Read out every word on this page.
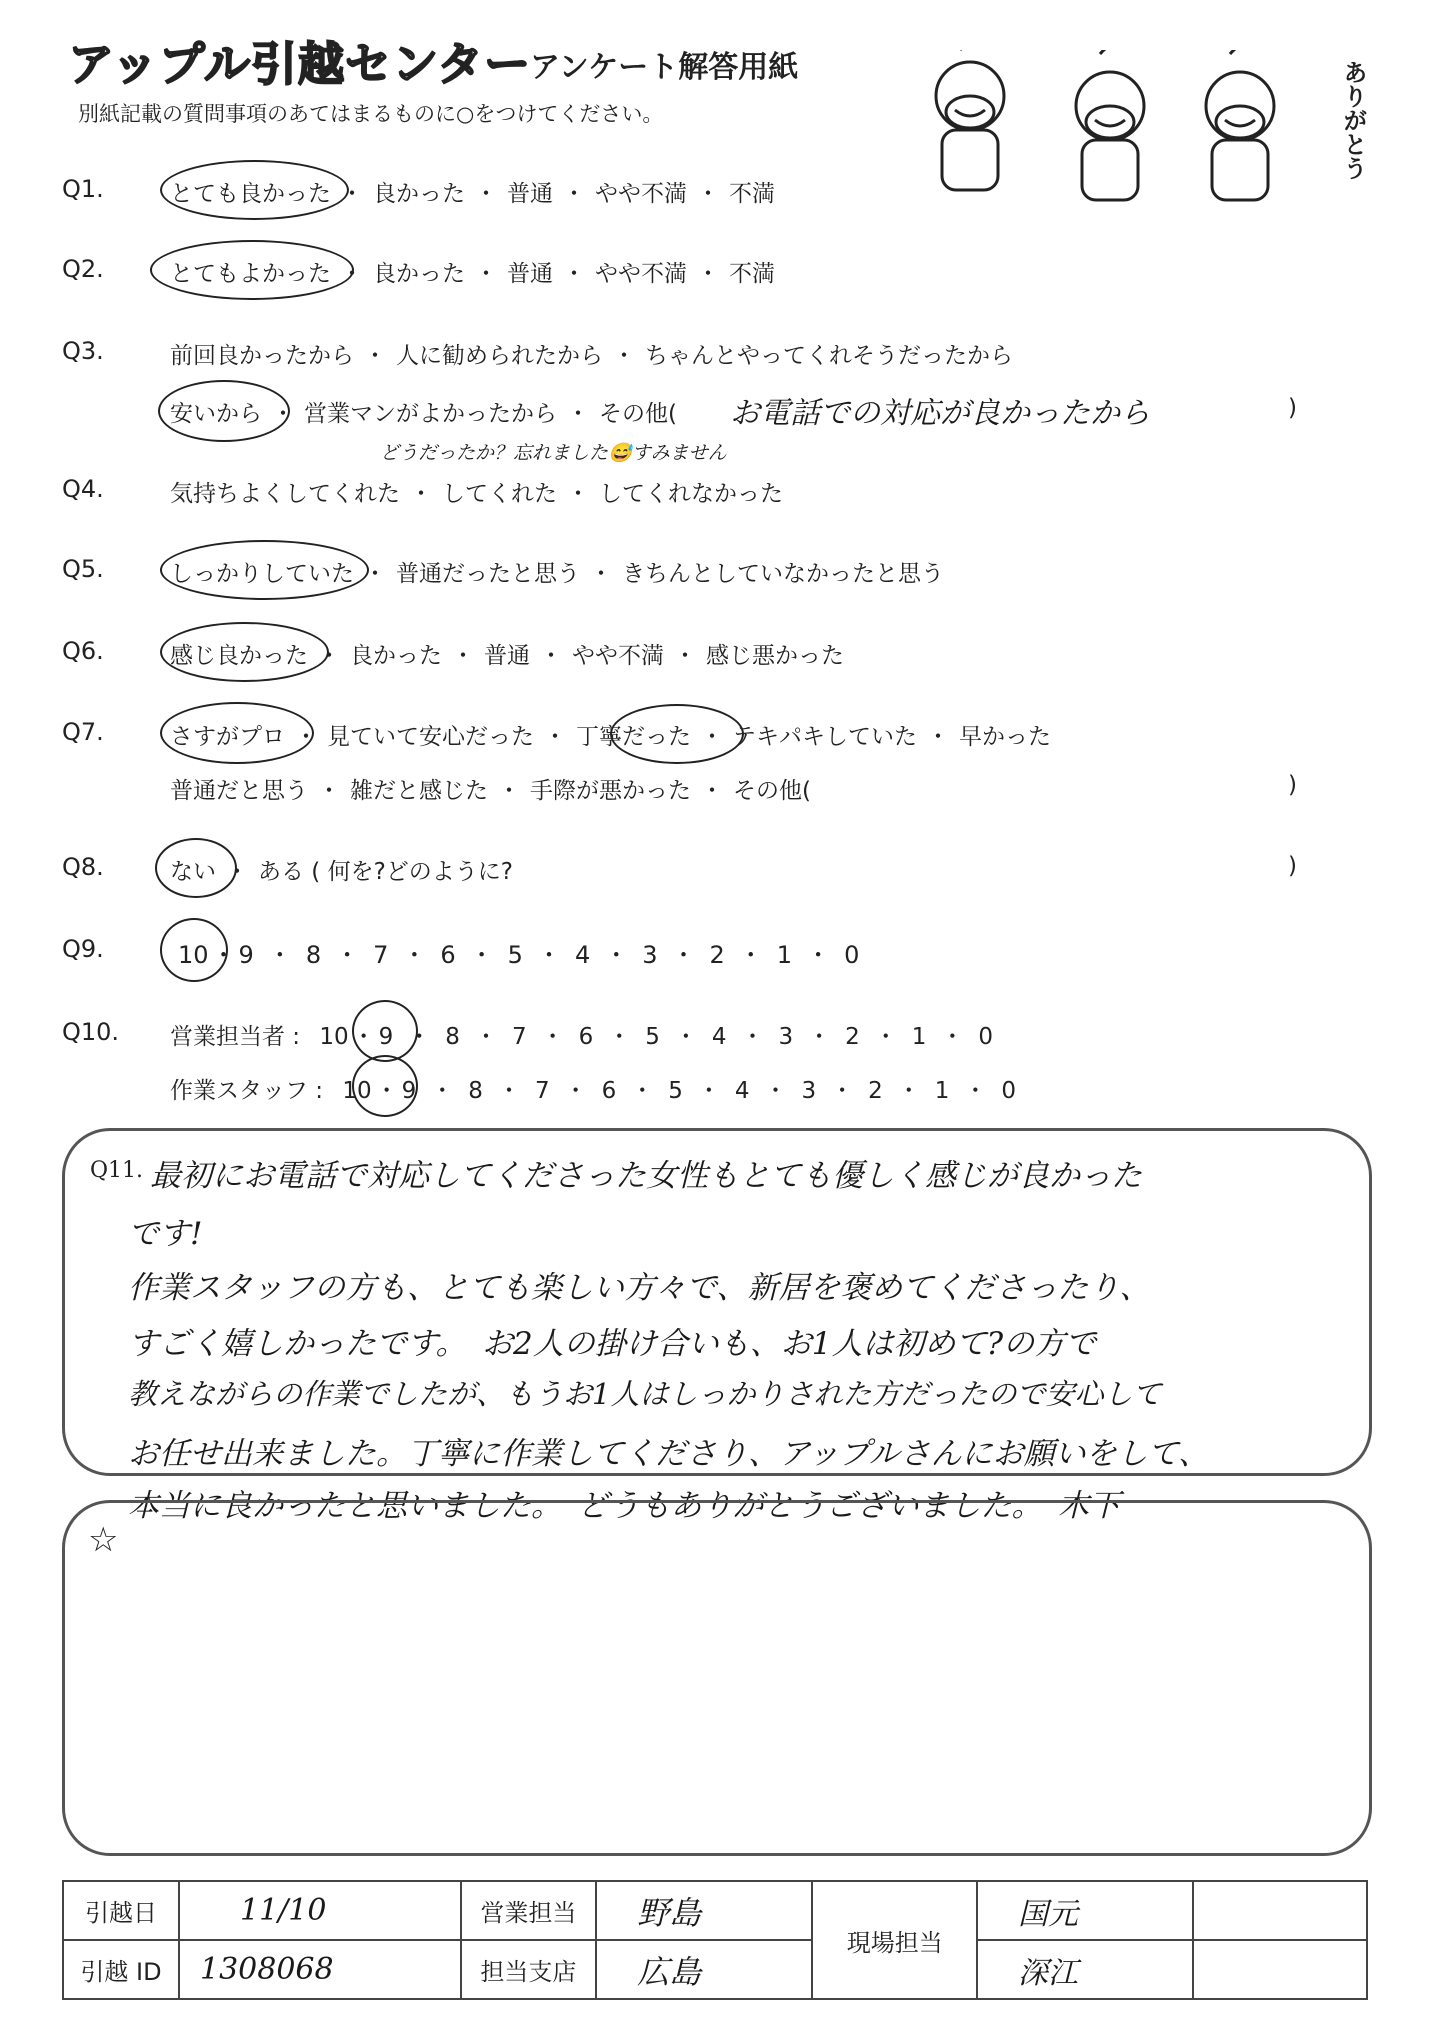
アップル引越センター
アンケート解答用紙
別紙記載の質問事項のあてはまるものに○をつけてください。	ありがとう
Q1.	とても良かった ・ 良かった ・ 普通 ・ やや不満 ・ 不満
Q2.	とてもよかった ・ 良かった ・ 普通 ・ やや不満 ・ 不満
Q3.	前回良かったから ・ 人に勧められたから ・ ちゃんとやってくれそうだったから
安いから ・ 営業マンがよかったから ・ その他( お電話での対応が良かったから	)
どうだったか？忘れました😅すみません
Q4.	気持ちよくしてくれた ・ してくれた ・ してくれなかった
Q5.	しっかりしていた ・ 普通だったと思う ・ きちんとしていなかったと思う
Q6.	感じ良かった ・ 良かった ・ 普通 ・ やや不満 ・ 感じ悪かった
Q7.	さすがプロ ・ 見ていて安心だった ・ 丁寧だった ・ テキパキしていた ・ 早かった
普通だと思う ・ 雑だと感じた ・ 手際が悪かった ・ その他(	)
Q8.	ない ・ ある ( 何を?どのように?	)
Q9.	10 ・ 9 ・ 8 ・ 7 ・ 6 ・ 5 ・ 4 ・ 3 ・ 2 ・ 1 ・ 0
Q10. 営業担当者 : 10 ・ 9 ・ 8 ・ 7 ・ 6 ・ 5 ・ 4 ・ 3 ・ 2 ・ 1 ・ 0
作業スタッフ : 10 ・ 9 ・ 8 ・ 7 ・ 6 ・ 5 ・ 4 ・ 3 ・ 2 ・ 1 ・ 0
Q11. 最初にお電話で対応してくださった女性もとても優しく感じが良かった
です!
作業スタッフの方も、とても楽しい方々で、新居を褒めてくださったり、
すごく嬉しかったです。　お2人の掛け合いも、お1人は初めて?の方で
教えながらの作業でしたが、もうお1人はしっかりされた方だったので安心して
お任せ出来ました。丁寧に作業してくださり、アップルさんにお願いをして、
本当に良かったと思いました。　どうもありがとうございました。　木下
☆
引越日	11/10	営業担当	野島	現場担当	国元	
引越 ID	1308068	担当支店	広島		深江	
